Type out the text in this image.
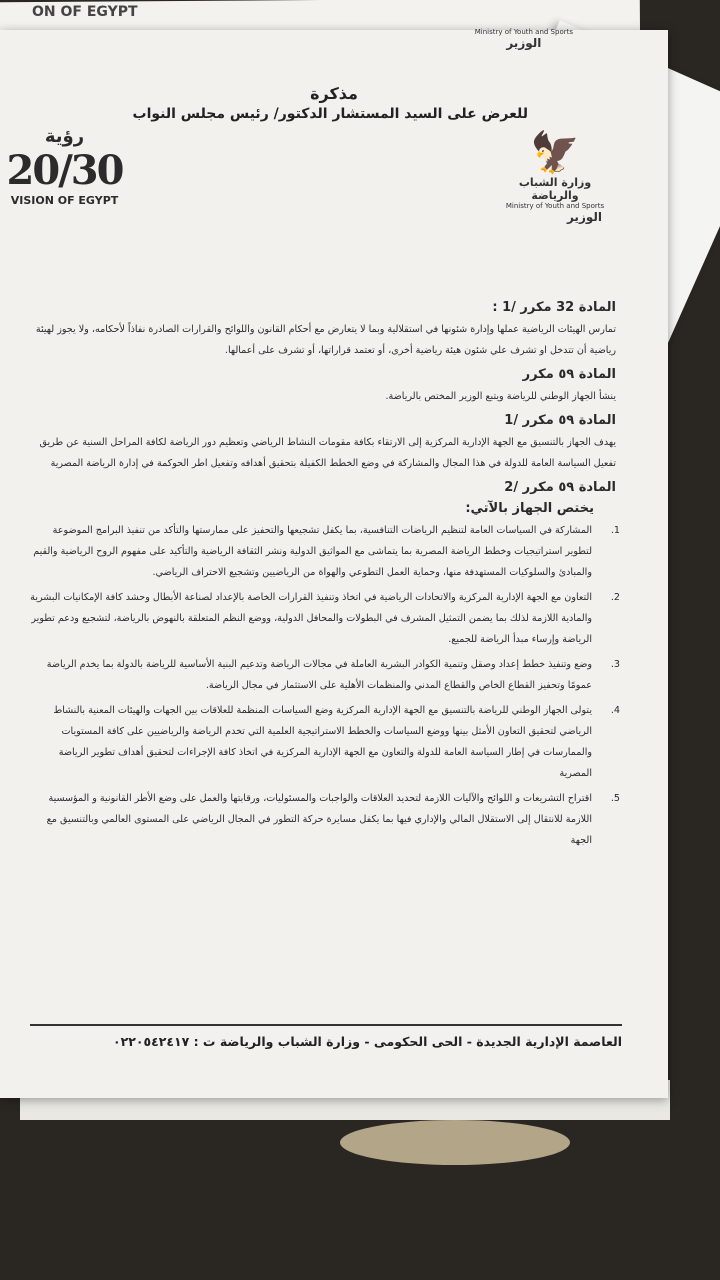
ON OF EGYPT
Ministry of Youth and Sports
الوزير
مذكرة
للعرض على السيد المستشار الدكتور/ رئيس مجلس النواب
رؤية
20/30
VISION OF EGYPT
🦅
وزارة الشباب والرياضة
Ministry of Youth and Sports
الوزير
المادة 32 مكرر /1 :

تمارس الهيئات الرياضية عملها وإدارة شئونها في استقلالية وبما لا يتعارض مع أحكام القانون واللوائح والقرارات الصادرة نفاذاً لأحكامه، ولا يجوز لهيئة رياضية أن تتدخل او تشرف علي شئون هيئة رياضية أخرى، أو تعتمد قراراتها، أو تشرف على أعمالها.

المادة ٥٩ مكرر

ينشأ الجهاز الوطني للرياضة ويتبع الوزير المختص بالرياضة.

المادة ٥٩ مكرر /1

يهدف الجهاز بالتنسيق مع الجهة الإدارية المركزية إلى الارتقاء بكافة مقومات النشاط الرياضي وتعظيم دور الرياضة لكافة المراحل السنية عن طريق تفعيل السياسة العامة للدولة في هذا المجال والمشاركة في وضع الخطط الكفيلة بتحقيق أهدافه وتفعيل اطر الحوكمة في إدارة الرياضة المصرية

المادة ٥٩ مكرر /2
يختص الجهاز بالآتي:
1.
المشاركة في السياسات العامة لتنظيم الرياضات التنافسية، بما يكفل تشجيعها والتحفيز على ممارستها والتأكد من تنفيذ البرامج الموضوعة لتطوير استراتيجيات وخطط الرياضة المصرية بما يتماشى مع المواثيق الدولية ونشر الثقافة الرياضية والتأكيد على مفهوم الروح الرياضية والقيم والمبادئ والسلوكيات المستهدفة منها، وحماية العمل التطوعي والهواة من الرياضيين وتشجيع الاحتراف الرياضي.
2.
التعاون مع الجهة الإدارية المركزية والاتحادات الرياضية في اتخاذ وتنفيذ القرارات الخاصة بالإعداد لصناعة الأبطال وحشد كافة الإمكانيات البشرية والمادية اللازمة لذلك بما يضمن التمثيل المشرف في البطولات والمحافل الدولية، ووضع النظم المتعلقة بالنهوض بالرياضة، لتشجيع ودعم تطوير الرياضة وإرساء مبدأ الرياضة للجميع.
3.
وضع وتنفيذ خطط إعداد وصقل وتنمية الكوادر البشرية العاملة في مجالات الرياضة وتدعيم البنية الأساسية للرياضة بالدولة بما يخدم الرياضة عمومًا وتحفيز القطاع الخاص والقطاع المدني والمنظمات الأهلية على الاستثمار في مجال الرياضة.
4.
يتولى الجهاز الوطني للرياضة بالتنسيق مع الجهة الإدارية المركزية وضع السياسات المنظمة للعلاقات بين الجهات والهيئات المعنية بالنشاط الرياضي لتحقيق التعاون الأمثل بينها ووضع السياسات والخطط الاستراتيجية العلمية التي تخدم الرياضة والرياضيين على كافة المستويات والممارسات في إطار السياسة العامة للدولة والتعاون مع الجهة الإدارية المركزية في اتخاذ كافة الإجراءات لتحقيق أهداف تطوير الرياضة المصرية
5.
اقتراح التشريعات و اللوائح والآليات اللازمة لتحديد العلاقات والواجبات والمسئوليات، ورقابتها والعمل على وضع الأطر القانونية و المؤسسية اللازمة للانتقال إلى الاستقلال المالي والإداري فيها بما يكفل مسايرة حركة التطور في المجال الرياضي على المستوى العالمي وبالتنسيق مع الجهة
العاصمة الإدارية الجديدة - الحى الحكومى - وزارة الشباب والرياضة ت : ٠٢٢٠٥٤٢٤١٧
